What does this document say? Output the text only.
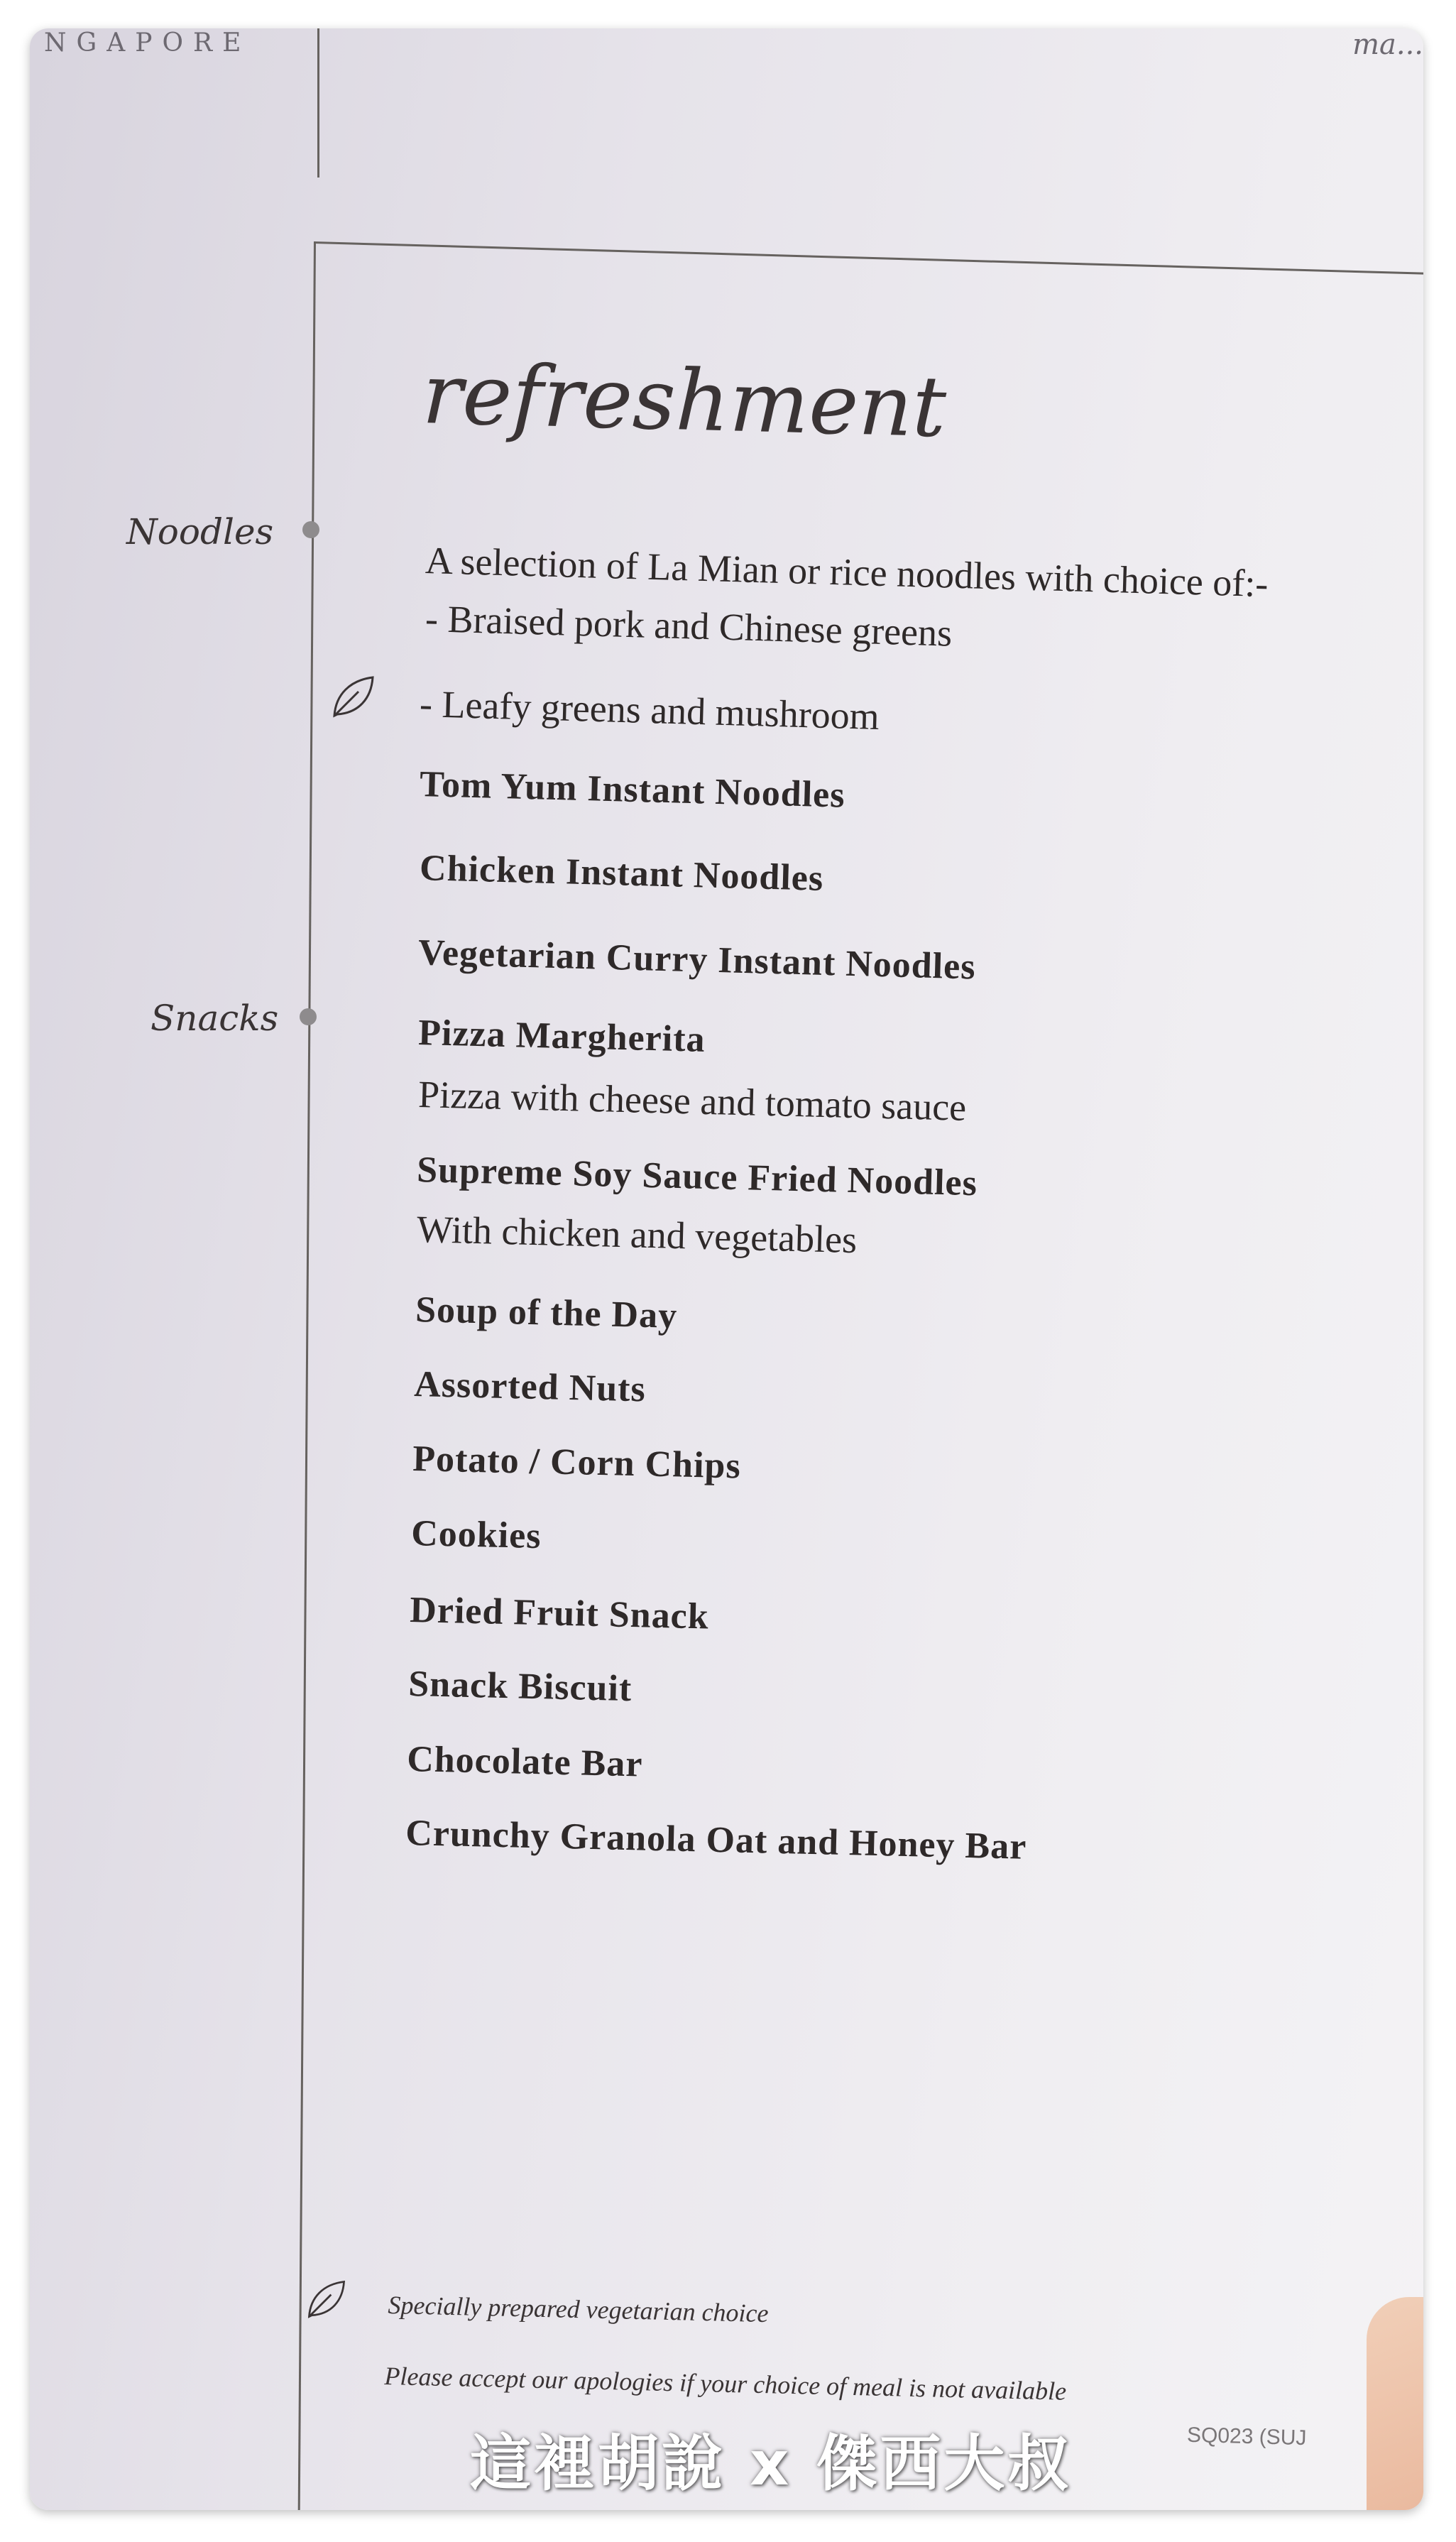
NGAPORE	ma...
refreshment
Noodles
Snacks
A selection of La Mian or rice noodles with choice of:-
- Braised pork and Chinese greens
- Leafy greens and mushroom
Tom Yum Instant Noodles
Chicken Instant Noodles
Vegetarian Curry Instant Noodles
Pizza Margherita
Pizza with cheese and tomato sauce
Supreme Soy Sauce Fried Noodles
With chicken and vegetables
Soup of the Day
Assorted Nuts
Potato / Corn Chips
Cookies
Dried Fruit Snack
Snack Biscuit
Chocolate Bar
Crunchy Granola Oat and Honey Bar
Specially prepared vegetarian choice
Please accept our apologies if your choice of meal is not available
SQ023 (SUJ
這裡胡說 x 傑西大叔
